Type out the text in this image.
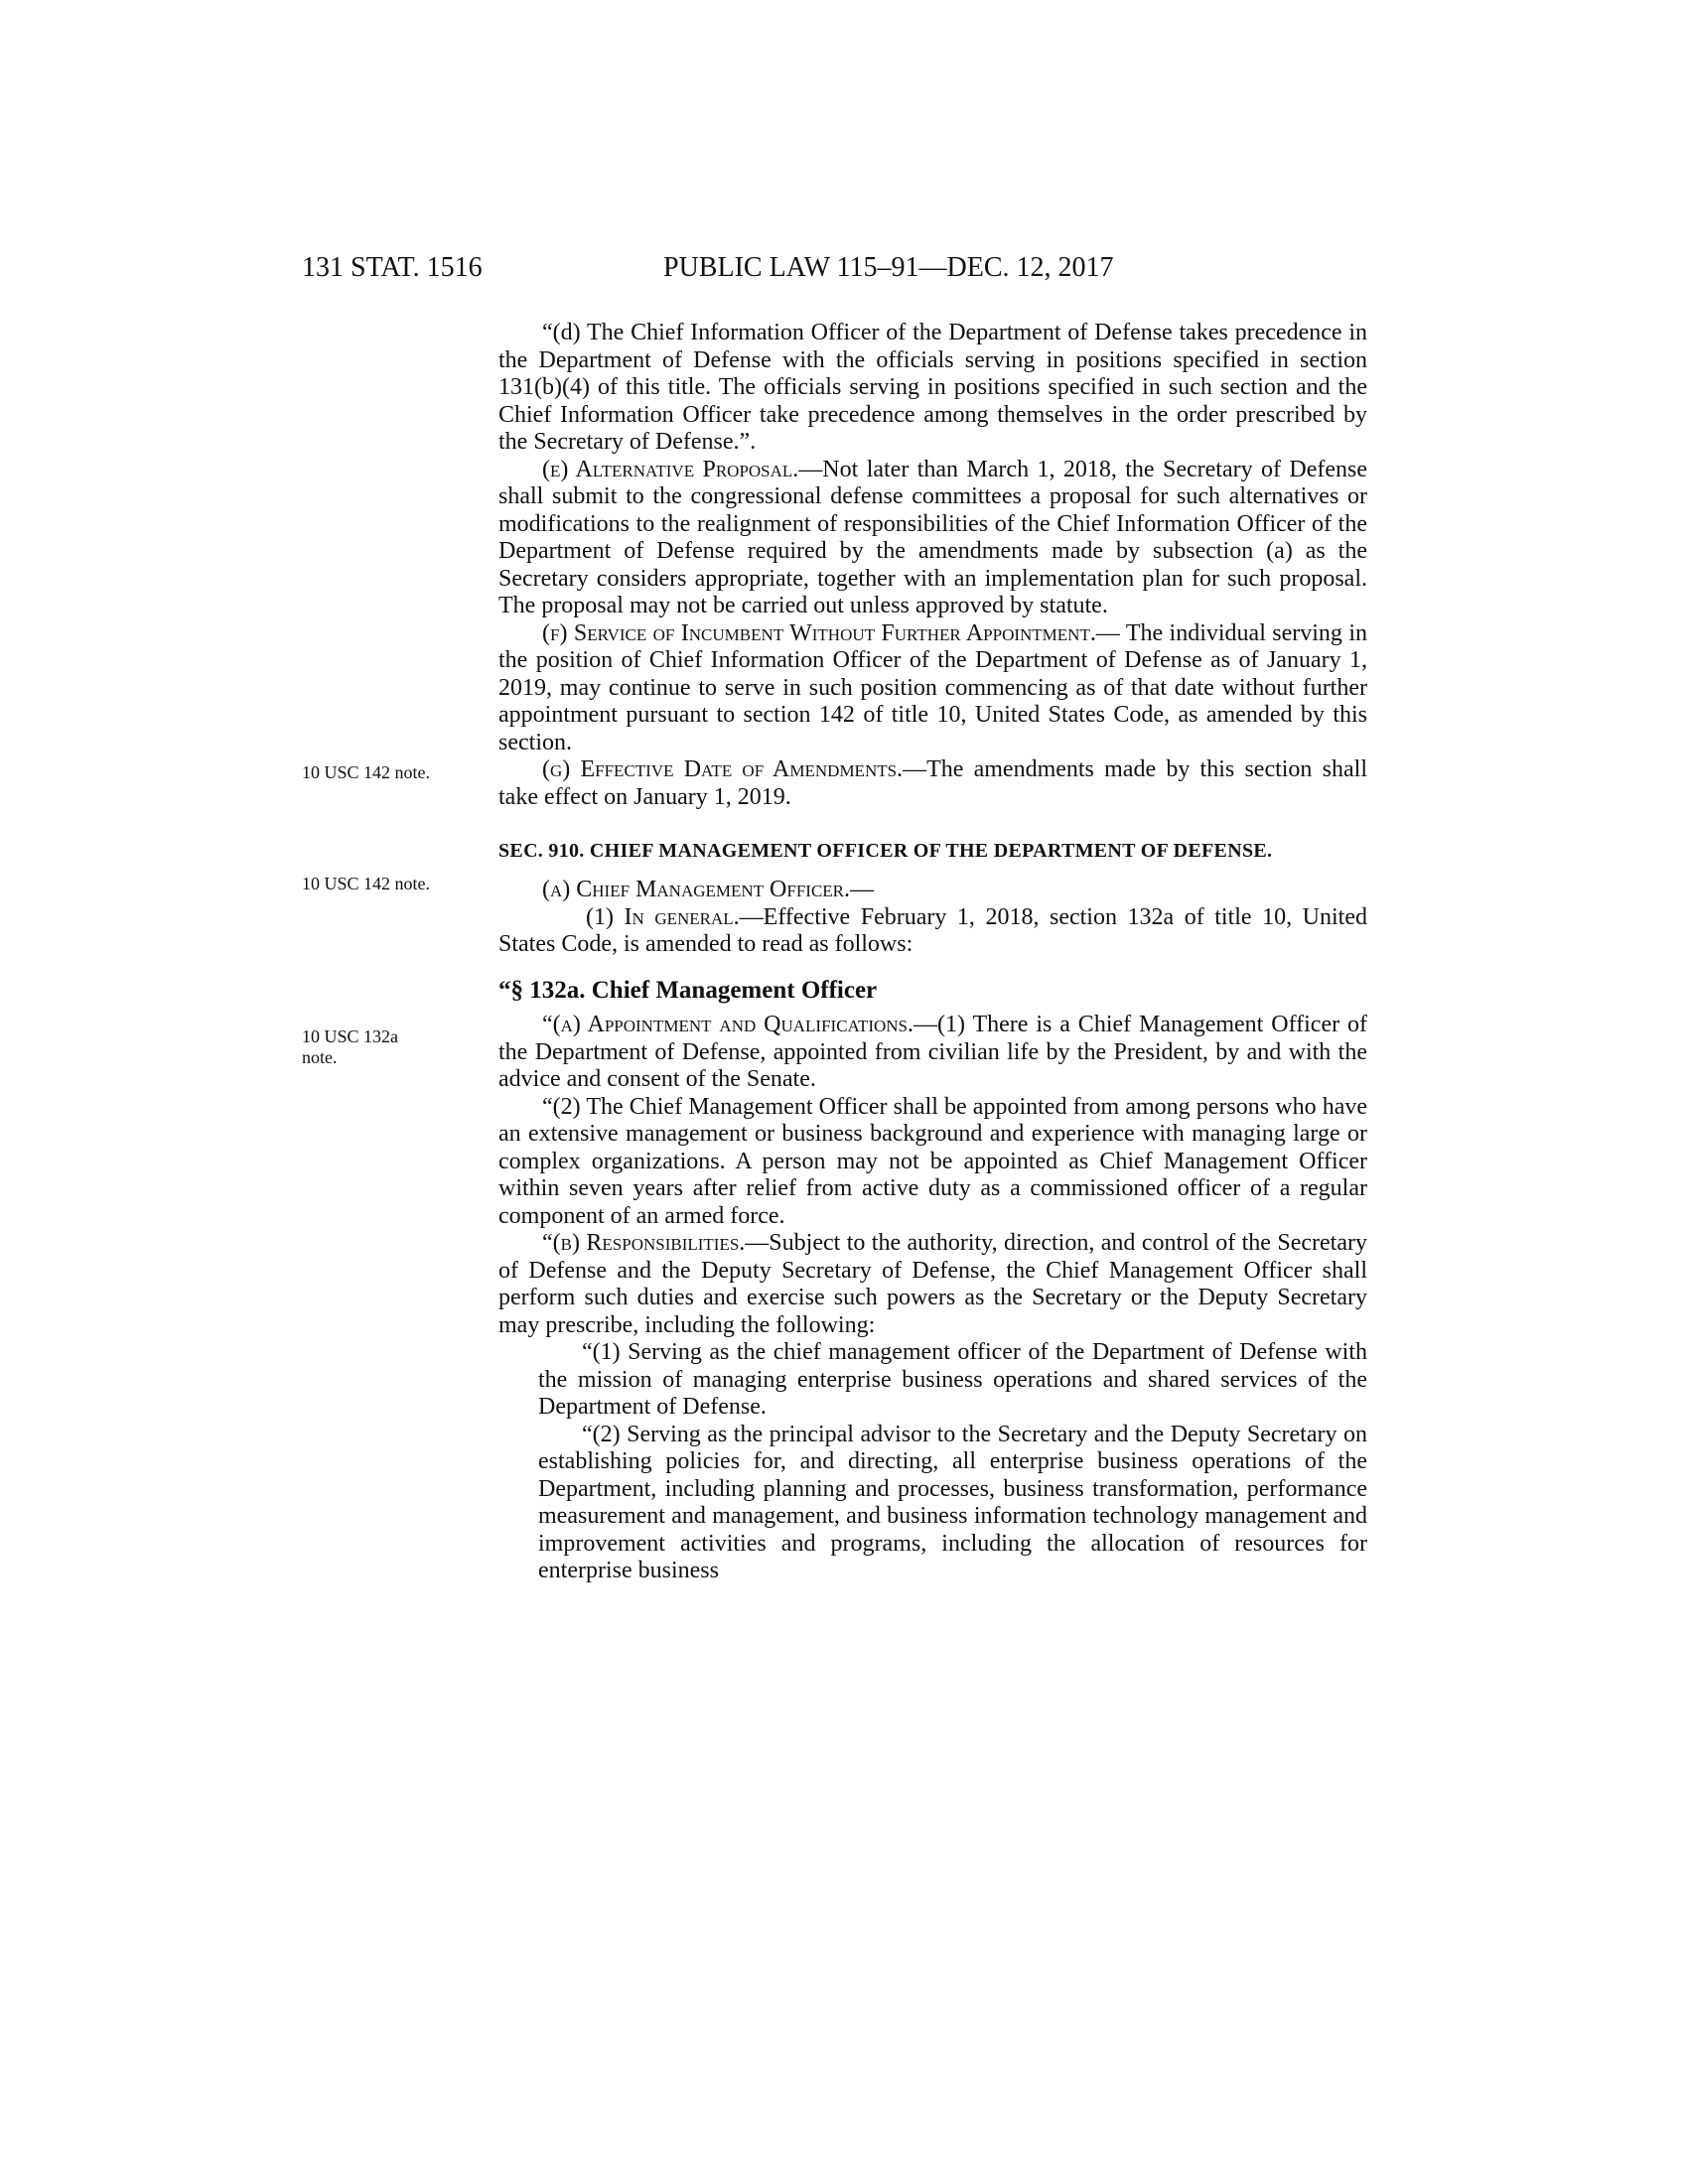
131 STAT. 1516	PUBLIC LAW 115–91—DEC. 12, 2017
10 USC 142 note.
10 USC 142 note.
10 USC 132a note.

“(d) The Chief Information Officer of the Department of Defense takes precedence in the Department of Defense with the officials serving in positions specified in section 131(b)(4) of this title. The officials serving in positions specified in such section and the Chief Information Officer take precedence among themselves in the order prescribed by the Secretary of Defense.”.

(e) Alternative Proposal.—Not later than March 1, 2018, the Secretary of Defense shall submit to the congressional defense committees a proposal for such alternatives or modifications to the realignment of responsibilities of the Chief Information Officer of the Department of Defense required by the amendments made by subsection (a) as the Secretary considers appropriate, together with an implementation plan for such proposal. The proposal may not be carried out unless approved by statute.

(f) Service of Incumbent Without Further Appointment.— The individual serving in the position of Chief Information Officer of the Department of Defense as of January 1, 2019, may continue to serve in such position commencing as of that date without further appointment pursuant to section 142 of title 10, United States Code, as amended by this section.

(g) Effective Date of Amendments.—The amendments made by this section shall take effect on January 1, 2019.

SEC. 910. CHIEF MANAGEMENT OFFICER OF THE DEPARTMENT OF DEFENSE.

(a) Chief Management Officer.—

(1) In general.—Effective February 1, 2018, section 132a of title 10, United States Code, is amended to read as follows:

“§ 132a. Chief Management Officer

“(a) Appointment and Qualifications.—(1) There is a Chief Management Officer of the Department of Defense, appointed from civilian life by the President, by and with the advice and consent of the Senate.

“(2) The Chief Management Officer shall be appointed from among persons who have an extensive management or business background and experience with managing large or complex organizations. A person may not be appointed as Chief Management Officer within seven years after relief from active duty as a commissioned officer of a regular component of an armed force.

“(b) Responsibilities.—Subject to the authority, direction, and control of the Secretary of Defense and the Deputy Secretary of Defense, the Chief Management Officer shall perform such duties and exercise such powers as the Secretary or the Deputy Secretary may prescribe, including the following:

“(1) Serving as the chief management officer of the Department of Defense with the mission of managing enterprise business operations and shared services of the Department of Defense.

“(2) Serving as the principal advisor to the Secretary and the Deputy Secretary on establishing policies for, and directing, all enterprise business operations of the Department, including planning and processes, business transformation, performance measurement and management, and business information technology management and improvement activities and programs, including the allocation of resources for enterprise business
